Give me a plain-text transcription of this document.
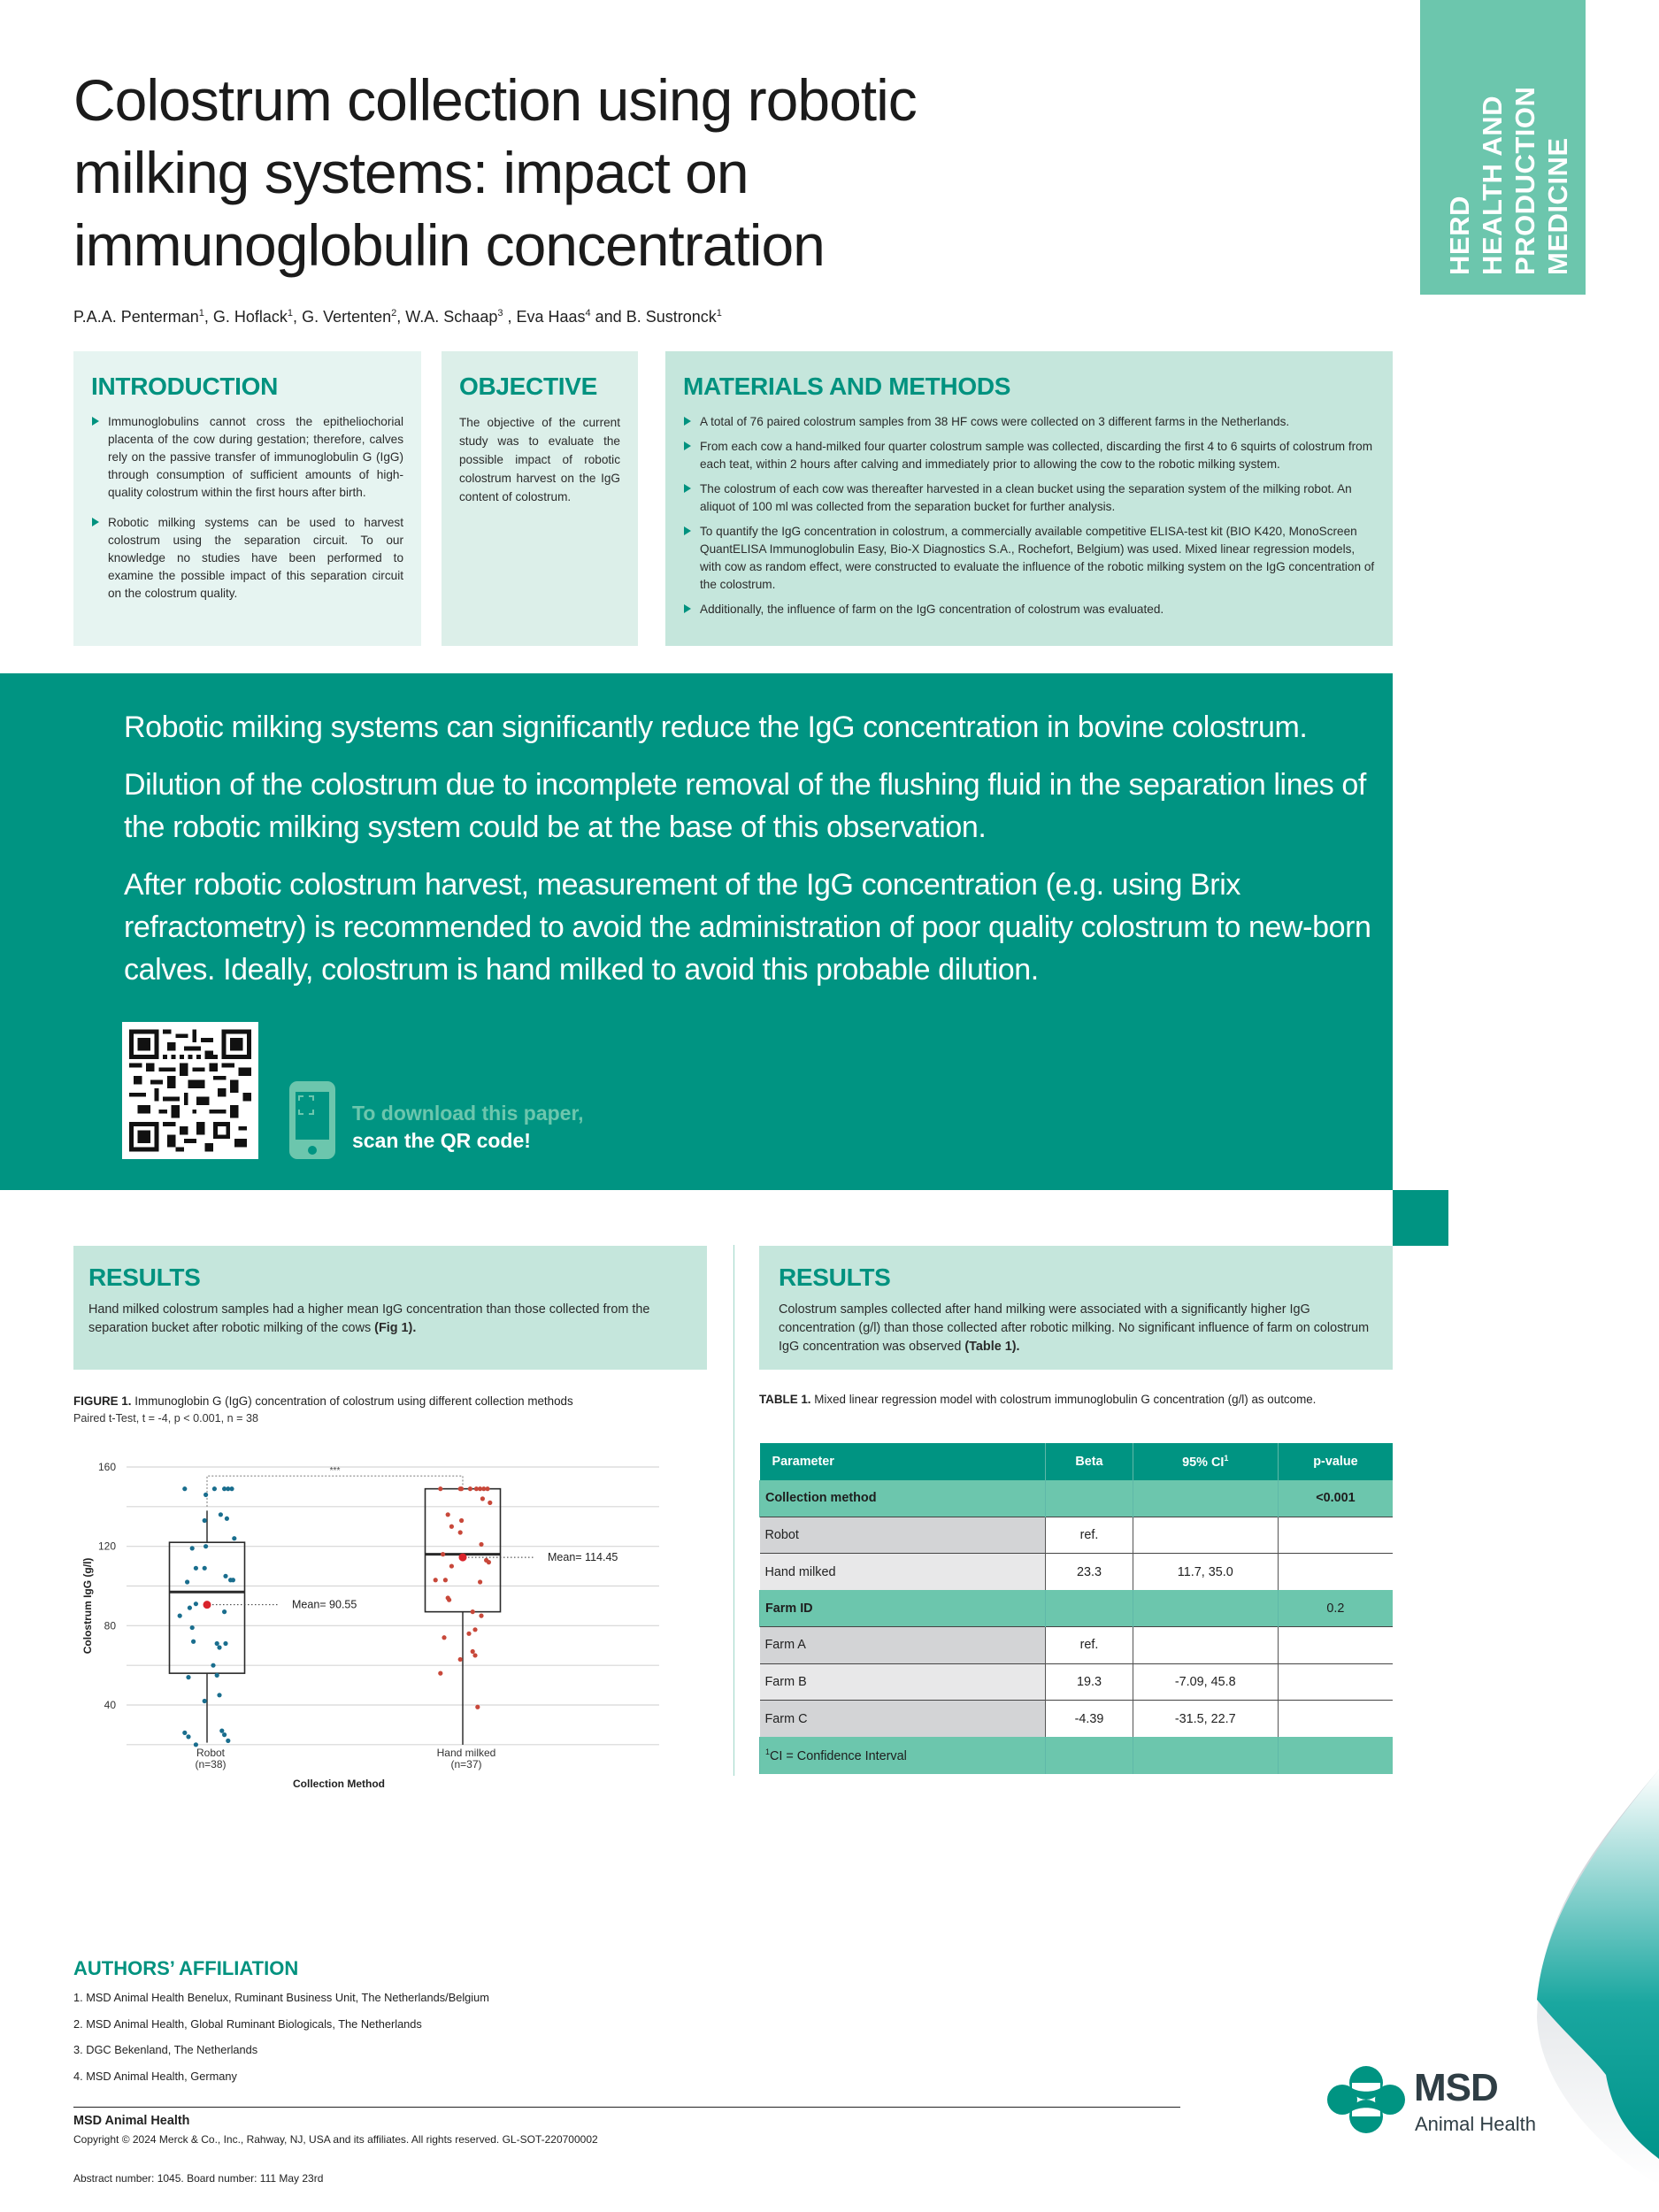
Colostrum collection using robotic
milking systems: impact on
immunoglobulin concentration
P.A.A. Penterman$^1$, G. Hoflack$^1$, G. Vertenten$^2$, W.A. Schaap$^3$ , Eva Haas$^4$ and B. Sustronck$^1$
HERD HEALTH AND PRODUCTION MEDICINE
INTRODUCTION
Immunoglobulins cannot cross the epitheliochorial placenta of the cow during gestation; therefore, calves rely on the passive transfer of immunoglobulin G (IgG) through consumption of sufficient amounts of high-quality colostrum within the first hours after birth.
Robotic milking systems can be used to harvest colostrum using the separation circuit. To our knowledge no studies have been performed to examine the possible impact of this separation circuit on the colostrum quality.
OBJECTIVE

The objective of the current study was to evaluate the possible impact of robotic colostrum harvest on the IgG content of colostrum.

MATERIALS AND METHODS
A total of 76 paired colostrum samples from 38 HF cows were collected on 3 different farms in the Netherlands.
From each cow a hand-milked four quarter colostrum sample was collected, discarding the first 4 to 6 squirts of colostrum from each teat, within 2 hours after calving and immediately prior to allowing the cow to the robotic milking system.
The colostrum of each cow was thereafter harvested in a clean bucket using the separation system of the milking robot. An aliquot of 100 ml was collected from the separation bucket for further analysis.
To quantify the IgG concentration in colostrum, a commercially available competitive ELISA-test kit (BIO K420, MonoScreen QuantELISA Immunoglobulin Easy, Bio-X Diagnostics S.A., Rochefort, Belgium) was used. Mixed linear regression models, with cow as random effect, were constructed to evaluate the influence of the robotic milking system on the IgG concentration of the colostrum.
Additionally, the influence of farm on the IgG concentration of colostrum was evaluated.

Robotic milking systems can significantly reduce the IgG concentration in bovine colostrum.

Dilution of the colostrum due to incomplete removal of the flushing fluid in the separation lines of the robotic milking system could be at the base of this observation.

After robotic colostrum harvest, measurement of the IgG concentration (e.g. using Brix refractometry) is recommended to avoid the administration of poor quality colostrum to new-born calves. Ideally, colostrum is hand milked to avoid this probable dilution.

To download this paper,
scan the QR code!
RESULTS

Hand milked colostrum samples had a higher mean IgG concentration than those collected from the separation bucket after robotic milking of the cows (Fig 1).

FIGURE 1. Immunoglobin G (IgG) concentration of colostrum using different collection methods
Paired t-Test, t = -4, p < 0.001, n = 38
40
80
120
160
Colostrum IgG (g/l)
***
Mean= 90.55
Robot
(n=38)
Mean= 114.45
Hand milked
(n=37)
Collection Method
RESULTS

Colostrum samples collected after hand milking were associated with a significantly higher IgG concentration (g/l) than those collected after robotic milking. No significant influence of farm on colostrum IgG concentration was observed (Table 1).

TABLE 1. Mixed linear regression model with colostrum immunoglobulin G concentration (g/l) as outcome.
Parameter	Beta	95% $CI^1$	p-value
Collection method			<0.001
Robot	ref.		
Hand milked	23.3	11.7, 35.0	
Farm ID			0.2
Farm A	ref.		
Farm B	19.3	-7.09, 45.8	
Farm C	-4.39	-31.5, 22.7	
$^1$CI = Confidence Interval			
AUTHORS’ AFFILIATION
1. MSD Animal Health Benelux, Ruminant Business Unit, The Netherlands/Belgium
2. MSD Animal Health, Global Ruminant Biologicals, The Netherlands
3. DGC Bekenland, The Netherlands
4. MSD Animal Health, Germany
MSD Animal Health
Copyright © 2024 Merck & Co., Inc., Rahway, NJ, USA and its affiliates. All rights reserved. GL-SOT-220700002
Abstract number: 1045. Board number: 111 May 23rd
MSD
Animal Health
